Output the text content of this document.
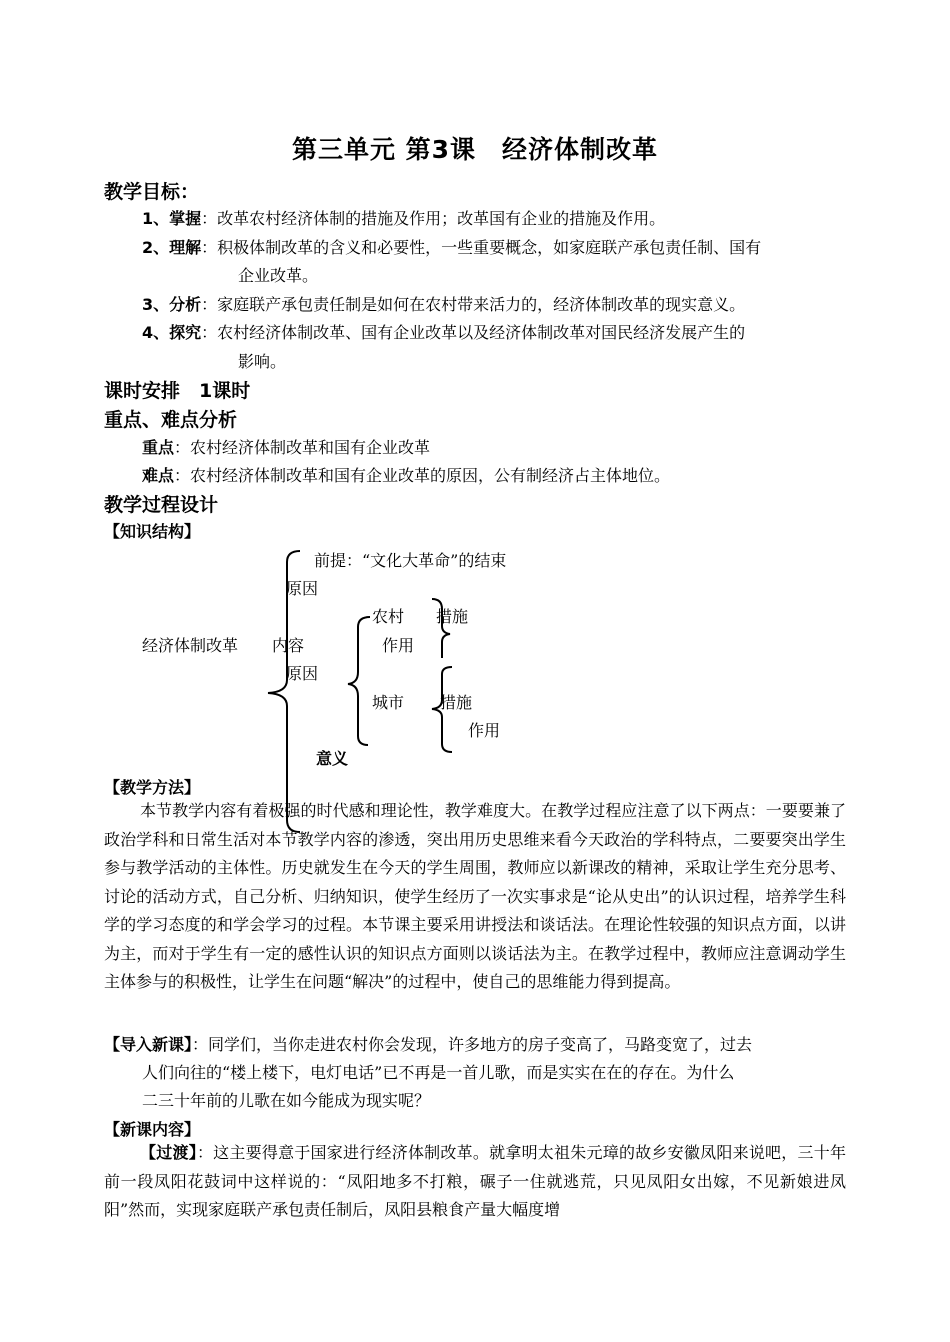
第三单元 第3课　经济体制改革
教学目标：
1、掌握：改革农村经济体制的措施及作用；改革国有企业的措施及作用。
2、理解：积极体制改革的含义和必要性，一些重要概念，如家庭联产承包责任制、国有
企业改革。
3、分析：家庭联产承包责任制是如何在农村带来活力的，经济体制改革的现实意义。
4、探究：农村经济体制改革、国有企业改革以及经济体制改革对国民经济发展产生的
影响。
课时安排　1课时
重点、难点分析
重点：农村经济体制改革和国有企业改革
难点：农村经济体制改革和国有企业改革的原因，公有制经济占主体地位。
教学过程设计
【知识结构】
前提：“文化大革命”的结束
原因
农村 措施
经济体制改革 内容	作用
原因
城市 措施
作用
意义
【教学方法】
本节教学内容有着极强的时代感和理论性，教学难度大。在教学过程应注意了以下两点：一要要兼了政治学科和日常生活对本节教学内容的渗透，突出用历史思维来看今天政治的学科特点，二要要突出学生参与教学活动的主体性。历史就发生在今天的学生周围，教师应以新课改的精神，采取让学生充分思考、讨论的活动方式，自己分析、归纳知识，使学生经历了一次实事求是“论从史出”的认识过程，培养学生科学的学习态度的和学会学习的过程。本节课主要采用讲授法和谈话法。在理论性较强的知识点方面，以讲为主，而对于学生有一定的感性认识的知识点方面则以谈话法为主。在教学过程中，教师应注意调动学生主体参与的积极性，让学生在问题“解决”的过程中，使自己的思维能力得到提高。
【导入新课】：同学们，当你走进农村你会发现，许多地方的房子变高了，马路变宽了，过去
人们向往的“楼上楼下，电灯电话”已不再是一首儿歌，而是实实在在的存在。为什么
二三十年前的儿歌在如今能成为现实呢？
【新课内容】
【过渡】：这主要得意于国家进行经济体制改革。就拿明太祖朱元璋的故乡安徽凤阳来说吧，三十年前一段凤阳花鼓词中这样说的：“凤阳地多不打粮，碾子一住就逃荒，只见凤阳女出嫁，不见新娘进凤阳”然而，实现家庭联产承包责任制后，凤阳县粮食产量大幅度增
